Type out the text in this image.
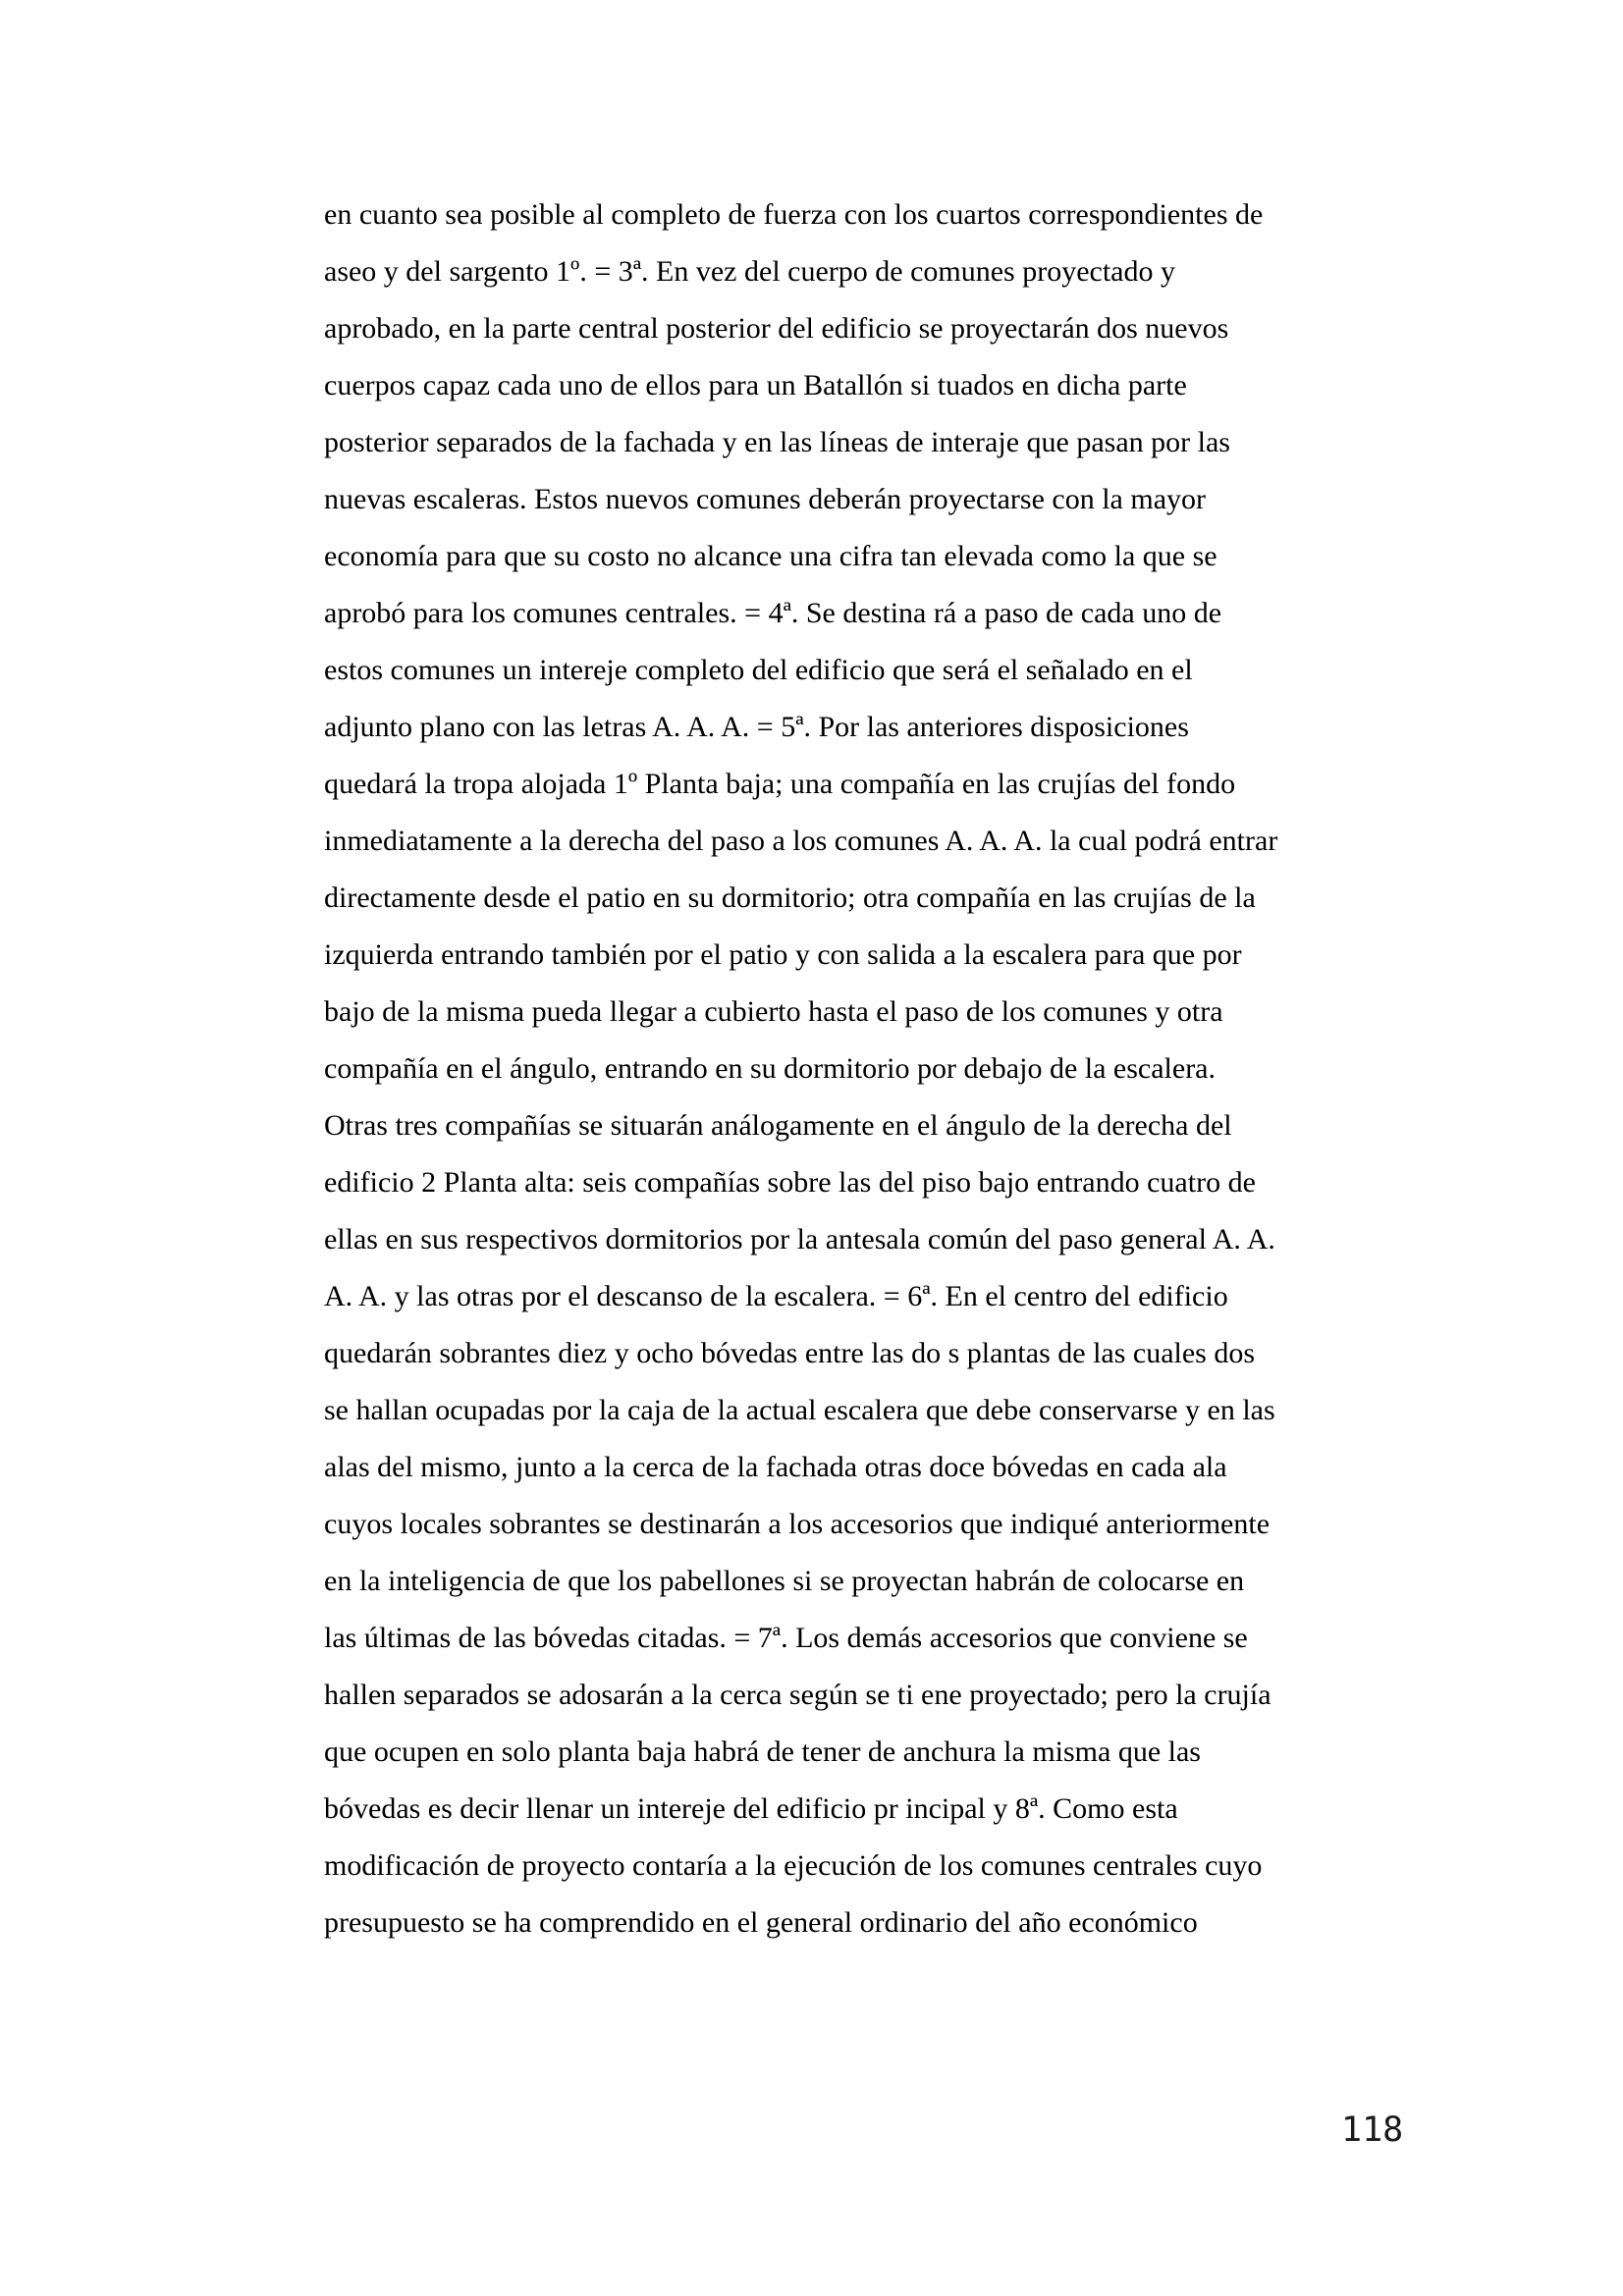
en cuanto sea posible al completo de fuerza con los cuartos correspondientes de
aseo y del sargento 1º. = 3ª. En vez del cuerpo de comunes proyectado y
aprobado, en la parte central posterior del edificio se proyectarán dos nuevos
cuerpos capaz cada uno de ellos para un Batallón si tuados en dicha parte
posterior separados de la fachada y en las líneas de interaje que pasan por las
nuevas escaleras. Estos nuevos comunes deberán proyectarse con la mayor
economía para que su costo no alcance una cifra tan elevada como la que se
aprobó para los comunes centrales. = 4ª. Se destina rá a paso de cada uno de
estos comunes un intereje completo del edificio que será el señalado en el
adjunto plano con las letras A. A. A. = 5ª. Por las anteriores disposiciones
quedará la tropa alojada 1º Planta baja; una compañía en las crujías del fondo
inmediatamente a la derecha del paso a los comunes A. A. A. la cual podrá entrar
directamente desde el patio en su dormitorio; otra compañía en las crujías de la
izquierda entrando también por el patio y con salida a la escalera para que por
bajo de la misma pueda llegar a cubierto hasta el paso de los comunes y otra
compañía en el ángulo, entrando en su dormitorio por debajo de la escalera.
Otras tres compañías se situarán análogamente en el ángulo de la derecha del
edificio 2 Planta alta: seis compañías sobre las del piso bajo entrando cuatro de
ellas en sus respectivos dormitorios por la antesala común del paso general A. A.
A. A. y las otras por el descanso de la escalera. = 6ª. En el centro del edificio
quedarán sobrantes diez y ocho bóvedas entre las do s plantas de las cuales dos
se hallan ocupadas por la caja de la actual escalera que debe conservarse y en las
alas del mismo, junto a la cerca de la fachada otras doce bóvedas en cada ala
cuyos locales sobrantes se destinarán a los accesorios que indiqué anteriormente
en la inteligencia de que los pabellones si se proyectan habrán de colocarse en
las últimas de las bóvedas citadas. = 7ª. Los demás accesorios que conviene se
hallen separados se adosarán a la cerca según se ti ene proyectado; pero la crujía
que ocupen en solo planta baja habrá de tener de anchura la misma que las
bóvedas es decir llenar un intereje del edificio pr incipal y 8ª. Como esta
modificación de proyecto contaría a la ejecución de los comunes centrales cuyo
presupuesto se ha comprendido en el general ordinario del año económico
118
